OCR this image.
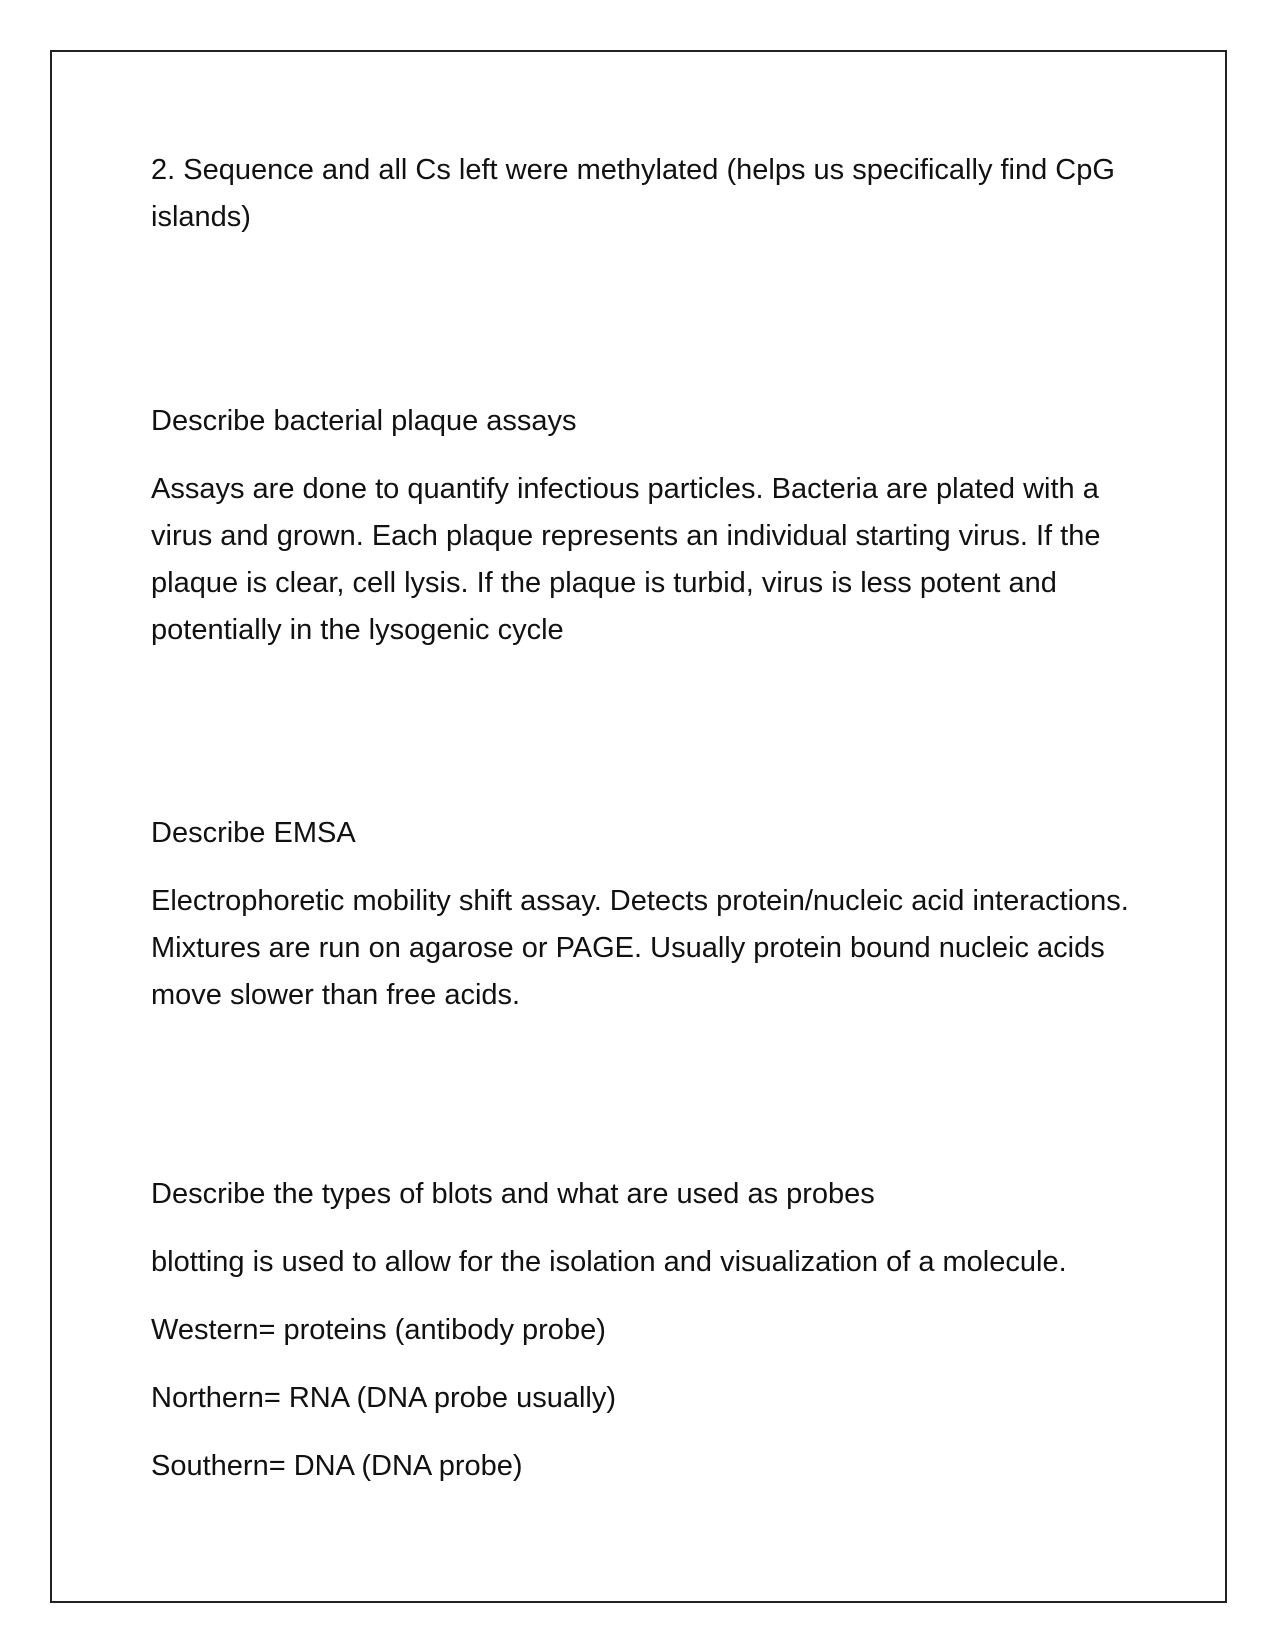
2. Sequence and all Cs left were methylated (helps us specifically find CpG islands)

Describe bacterial plaque assays

Assays are done to quantify infectious particles. Bacteria are plated with a virus and grown. Each plaque represents an individual starting virus. If the plaque is clear, cell lysis. If the plaque is turbid, virus is less potent and potentially in the lysogenic cycle

Describe EMSA

Electrophoretic mobility shift assay. Detects protein/nucleic acid interactions. Mixtures are run on agarose or PAGE. Usually protein bound nucleic acids move slower than free acids.

Describe the types of blots and what are used as probes

blotting is used to allow for the isolation and visualization of a molecule.

Western= proteins (antibody probe)

Northern= RNA (DNA probe usually)

Southern= DNA (DNA probe)
